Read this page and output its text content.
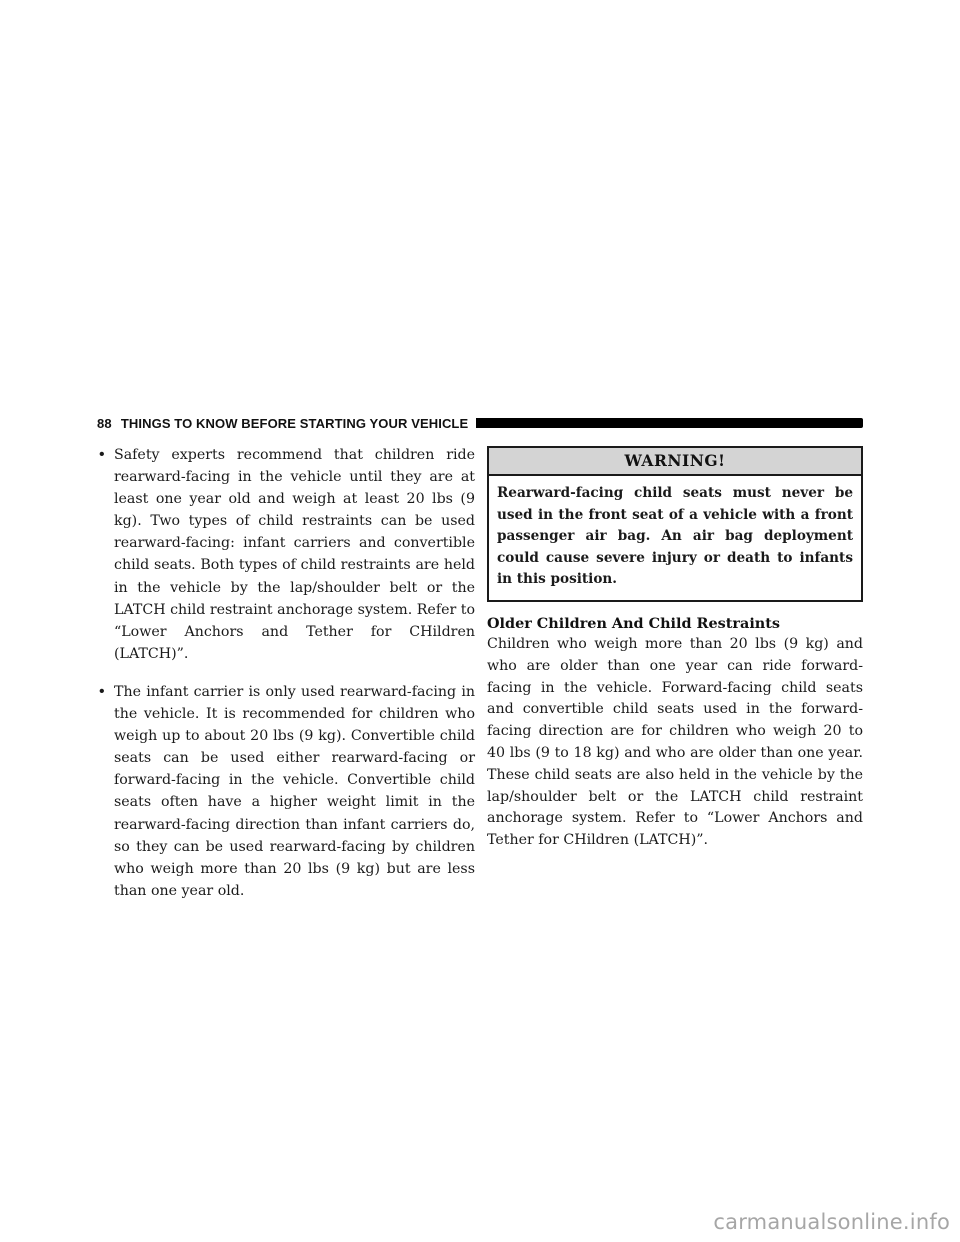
88 THINGS TO KNOW BEFORE STARTING YOUR VEHICLE
• Safety experts recommend that children ride rearward-facing in the vehicle until they are at least one year old and weigh at least 20 lbs (9 kg). Two types of child restraints can be used rearward-facing: infant carriers and convertible child seats. Both types of child restraints are held in the vehicle by the lap/shoulder belt or the LATCH child restraint anchorage system. Refer to “Lower Anchors and Tether for CHildren (LATCH)”.
• The infant carrier is only used rearward-facing in the vehicle. It is recommended for children who weigh up to about 20 lbs (9 kg). Convertible child seats can be used either rearward-facing or forward-facing in the vehicle. Convertible child seats often have a higher weight limit in the rearward-facing direction than infant carriers do, so they can be used rearward-facing by children who weigh more than 20 lbs (9 kg) but are less than one year old.
WARNING!
Rearward-facing child seats must never be used in the front seat of a vehicle with a front passenger air bag. An air bag deployment could cause severe injury or death to infants in this position.
Older Children And Child Restraints
Children who weigh more than 20 lbs (9 kg) and who are older than one year can ride forward-facing in the vehicle. Forward-facing child seats and convertible child seats used in the forward-facing direction are for children who weigh 20 to 40 lbs (9 to 18 kg) and who are older than one year. These child seats are also held in the vehicle by the lap/shoulder belt or the LATCH child restraint anchorage system. Refer to “Lower Anchors and Tether for CHildren (LATCH)”.
carmanualsonline.info
